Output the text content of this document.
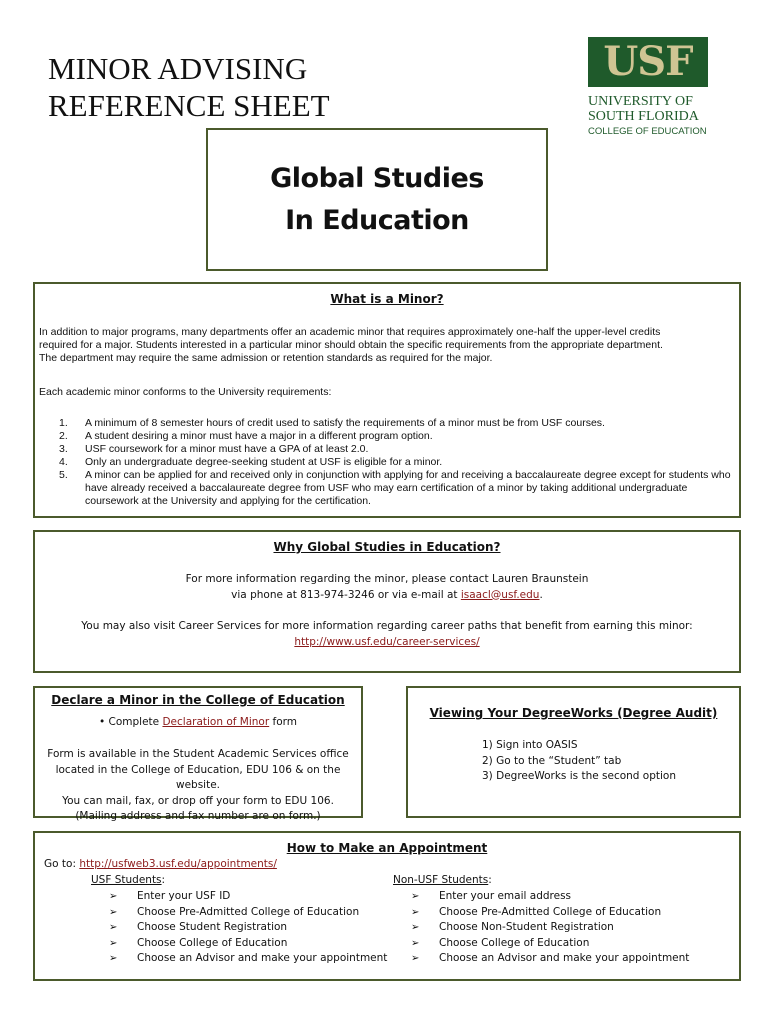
MINOR ADVISING
REFERENCE SHEET
USF
UNIVERSITY OF
SOUTH FLORIDA
COLLEGE OF EDUCATION
Global Studies
In Education
What is a Minor?
In addition to major programs, many departments offer an academic minor that requires approximately one-half the upper-level credits
required for a major. Students interested in a particular minor should obtain the specific requirements from the appropriate department.
The department may require the same admission or retention standards as required for the major.
Each academic minor conforms to the University requirements:
1. A minimum of 8 semester hours of credit used to satisfy the requirements of a minor must be from USF courses.
2. A student desiring a minor must have a major in a different program option.
3. USF coursework for a minor must have a GPA of at least 2.0.
4. Only an undergraduate degree-seeking student at USF is eligible for a minor.
5. A minor can be applied for and received only in conjunction with applying for and receiving a baccalaureate degree except for students who have already received a baccalaureate degree from USF who may earn certification of a minor by taking additional undergraduate coursework at the University and applying for the certification.
Why Global Studies in Education?
For more information regarding the minor, please contact Lauren Braunstein
via phone at 813-974-3246 or via e-mail at isaacl@usf.edu.
You may also visit Career Services for more information regarding career paths that benefit from earning this minor:
http://www.usf.edu/career-services/
Declare a Minor in the College of Education
• Complete Declaration of Minor form
Form is available in the Student Academic Services office
located in the College of Education, EDU 106 & on the website.
You can mail, fax, or drop off your form to EDU 106.
(Mailing address and fax number are on form.)
Viewing Your DegreeWorks (Degree Audit)
1) Sign into OASIS
2) Go to the “Student” tab
3) DegreeWorks is the second option
How to Make an Appointment
Go to: http://usfweb3.usf.edu/appointments/
USF Students:
➢ Enter your USF ID
➢ Choose Pre-Admitted College of Education
➢ Choose Student Registration
➢ Choose College of Education
➢ Choose an Advisor and make your appointment
Non-USF Students:
➢ Enter your email address
➢ Choose Pre-Admitted College of Education
➢ Choose Non-Student Registration
➢ Choose College of Education
➢ Choose an Advisor and make your appointment
